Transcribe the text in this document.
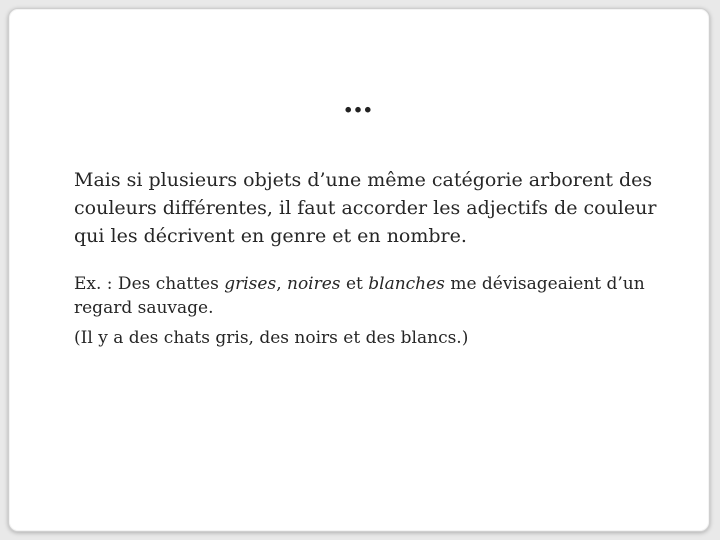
…

Mais si plusieurs objets d’une même catégorie arborent des couleurs différentes, il faut accorder les adjectifs de couleur qui les décrivent en genre et en nombre.

Ex. : Des chattes grises, noires et blanches me dévisageaient d’un regard sauvage.

(Il y a des chats gris, des noirs et des blancs.)
